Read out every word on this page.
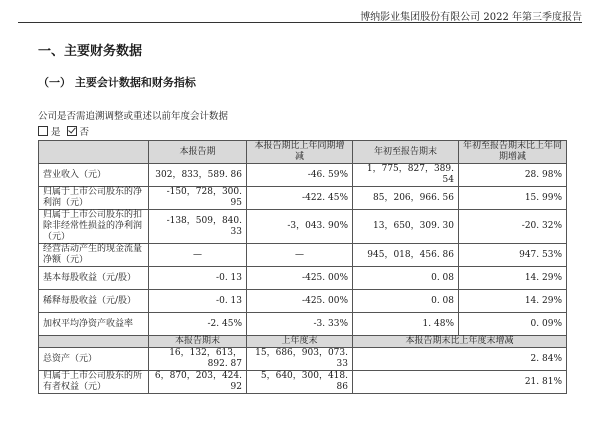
博纳影业集团股份有限公司 2022 年第三季度报告
一、主要财务数据
（一） 主要会计数据和财务指标
公司是否需追溯调整或重述以前年度会计数据
是 否
	本报告期	本报告期比上年同期增减	年初至报告期末	年初至报告期末比上年同期增减
营业收入（元）	302，833，589. 86	-46. 59%	1，775，827，389. 54	28. 98%
归属于上市公司股东的净利润（元）	-150，728，300. 95	-422. 45%	85，206，966. 56	15. 99%
归属于上市公司股东的扣除非经常性损益的净利润（元）	-138，509，840. 33	-3，043. 90%	13，650，309. 30	-20. 32%
经营活动产生的现金流量净额（元）	—	—	945，018，456. 86	947. 53%
基本每股收益（元/股）	-0. 13	-425. 00%	0. 08	14. 29%
稀释每股收益（元/股）	-0. 13	-425. 00%	0. 08	14. 29%
加权平均净资产收益率	-2. 45%	-3. 33%	1. 48%	0. 09%
	本报告期末	上年度末	本报告期末比上年度末增减	
总资产（元）	16，132，613，892. 87	15，686，903，073. 33	2. 84%	
归属于上市公司股东的所有者权益（元）	6，870，203，424. 92	5，640，300，418. 86	21. 81%	
